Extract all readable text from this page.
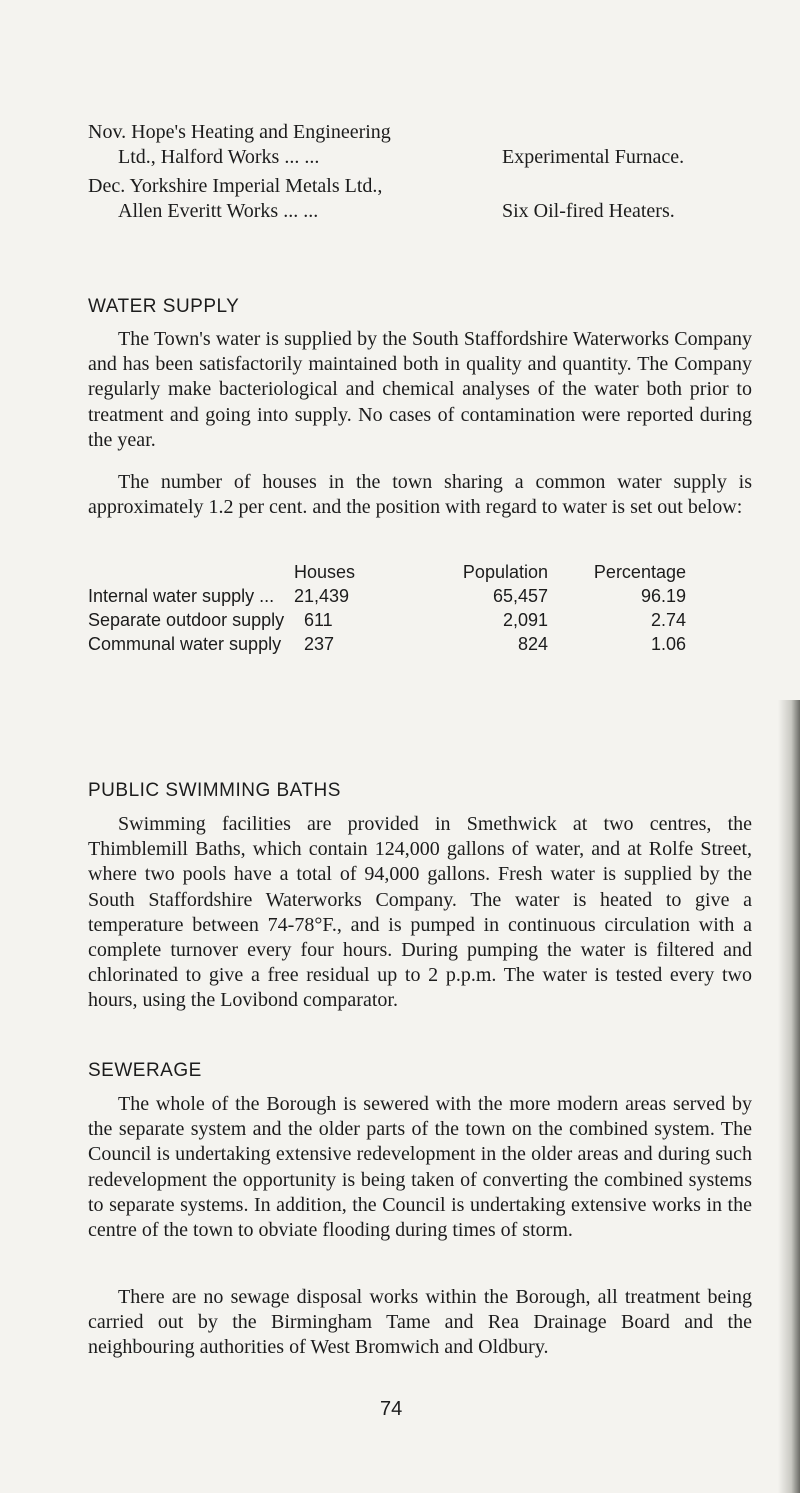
Nov. Hope's Heating and Engineering
Ltd., Halford Works ... ...	Experimental Furnace.
Dec. Yorkshire Imperial Metals Ltd.,
Allen Everitt Works ... ...	Six Oil-fired Heaters.
WATER SUPPLY

The Town's water is supplied by the South Staffordshire Waterworks Company and has been satisfactorily maintained both in quality and quantity. The Company regularly make bacteriological and chemical analyses of the water both prior to treatment and going into supply. No cases of contamination were reported during the year.

The number of houses in the town sharing a common water supply is approximately 1.2 per cent. and the position with regard to water is set out below:

	Houses	Population	Percentage
Internal water supply ...	21,439	65,457	96.19
Separate outdoor supply	611	2,091	2.74
Communal water supply	237	824	1.06
PUBLIC SWIMMING BATHS

Swimming facilities are provided in Smethwick at two centres, the Thimblemill Baths, which contain 124,000 gallons of water, and at Rolfe Street, where two pools have a total of 94,000 gallons. Fresh water is supplied by the South Staffordshire Waterworks Company. The water is heated to give a temperature between 74-78°F., and is pumped in continuous circulation with a complete turnover every four hours. During pumping the water is filtered and chlorinated to give a free residual up to 2 p.p.m. The water is tested every two hours, using the Lovibond comparator.

SEWERAGE

The whole of the Borough is sewered with the more modern areas served by the separate system and the older parts of the town on the combined system. The Council is undertaking extensive redevelopment in the older areas and during such redevelopment the opportunity is being taken of converting the combined systems to separate systems. In addition, the Council is undertaking extensive works in the centre of the town to obviate flooding during times of storm.

There are no sewage disposal works within the Borough, all treatment being carried out by the Birmingham Tame and Rea Drainage Board and the neighbouring authorities of West Bromwich and Oldbury.

74
